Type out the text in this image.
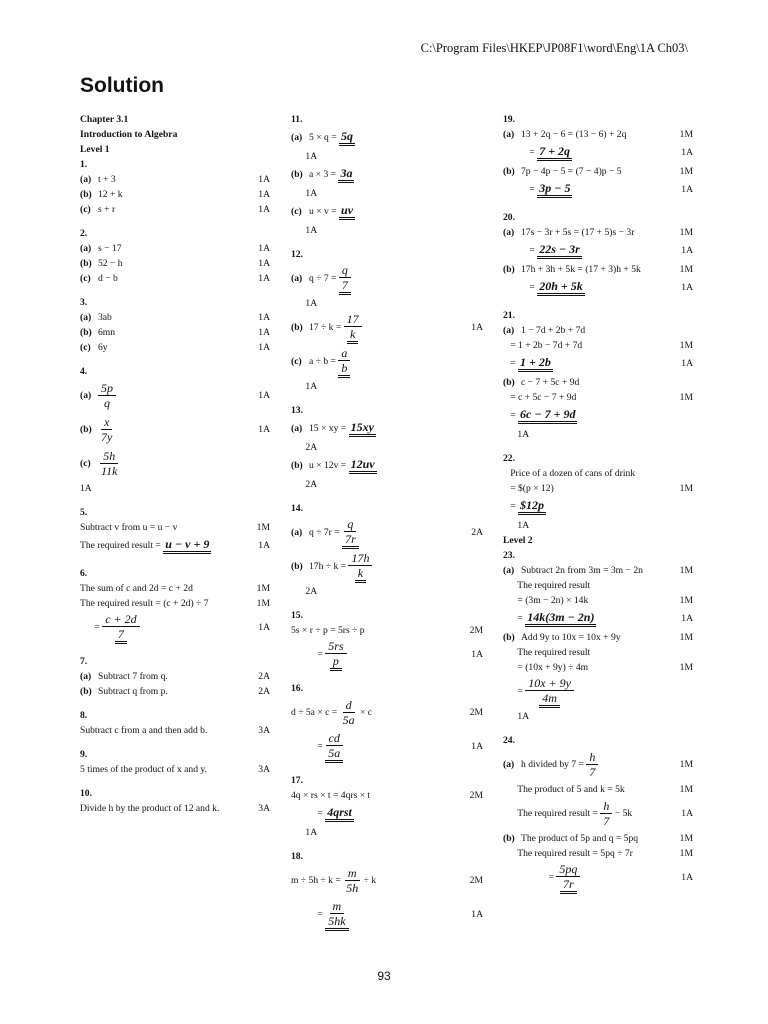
C:\Program Files\HKEP\JP08F1\word\Eng\1A Ch03\
Solution
Chapter 3.1
Introduction to Algebra
Level 1
1.
(a) t + 3	1A
(b) 12 + k	1A
(c) s + r	1A
2.
(a) s − 17	1A
(b) 52 − h	1A
(c) d − b	1A
3.
(a) 3ab	1A
(b) 6mn	1A
(c) 6y	1A
4.
$(a) \frac{5p}{q}$	1A
$(b) \frac{x}{7y}$	1A
$(c) \frac{5h}{11k}$
1A
5.
Subtract v from u = u − v	1M
The required result = u − v + 9	1A
6.
The sum of c and 2d = c + 2d	1M
The required result = (c + 2d) ÷ 7	1M
= $\frac{c + 2d}{7}$	1A
7.
(a) Subtract 7 from q.	2A
(b) Subtract q from p.	2A
8.
Subtract c from a and then add b.	3A
9.
5 times of the product of x and y.	3A
10.
Divide h by the product of 12 and k.	3A
11.
(a) 5 × q = 5q
1A
(b) a × 3 = 3a
1A
(c) u × v = uv
1A
12.
(a) $q \div 7 = \frac{q}{7}$
1A
(b) $17 \div k = \frac{17}{k}$	1A
(c) $a \div b = \frac{a}{b}$
1A
13.
(a) 15 × xy = 15xy
2A
(b) u × 12v = 12uv
2A
14.
(a) $q \div 7r = \frac{q}{7r}$	2A
(b) $17h \div k = \frac{17h}{k}$
2A
15.
5s × r ÷ p = 5rs ÷ p	2M
= $\frac{5rs}{p}$	1A
16.
$d \div 5a \times c = \frac{d}{5a} \times c$	2M
= $\frac{cd}{5a}$	1A
17.
4q × rs × t = 4qrs × t	2M
= 4qrst
1A
18.
$m \div 5h \div k = \frac{m}{5h} \div k$	2M
= $\frac{m}{5hk}$	1A
19.
(a) 13 + 2q − 6 = (13 − 6) + 2q	1M
= 7 + 2q	1A
(b) 7p − 4p − 5 = (7 − 4)p − 5	1M
= 3p − 5	1A
20.
(a) 17s − 3r + 5s = (17 + 5)s − 3r	1M
= 22s − 3r	1A
(b) 17h + 3h + 5k = (17 + 3)h + 5k	1M
= 20h + 5k	1A
21.
(a) 1 − 7d + 2b + 7d
= 1 + 2b − 7d + 7d	1M
= 1 + 2b	1A
(b) c − 7 + 5c + 9d
= c + 5c − 7 + 9d	1M
= 6c − 7 + 9d
1A
22.
Price of a dozen of cans of drink
= $(p × 12)	1M
= $12p
1A
Level 2
23.
(a) Subtract 2n from 3m = 3m − 2n	1M
The required result
= (3m − 2n) × 14k	1M
= 14k(3m − 2n)	1A
(b) Add 9y to 10x = 10x + 9y	1M
The required result
= (10x + 9y) ÷ 4m	1M
= $\frac{10x + 9y}{4m}$
1A
24.
(a) h divided by $7 = \frac{h}{7}$	1M
The product of 5 and k = 5k	1M
The required result = $\frac{h}{7} - 5k$	1A
(b) The product of 5p and q = 5pq	1M
The required result = 5pq ÷ 7r	1M
= $\frac{5pq}{7r}$	1A
93
